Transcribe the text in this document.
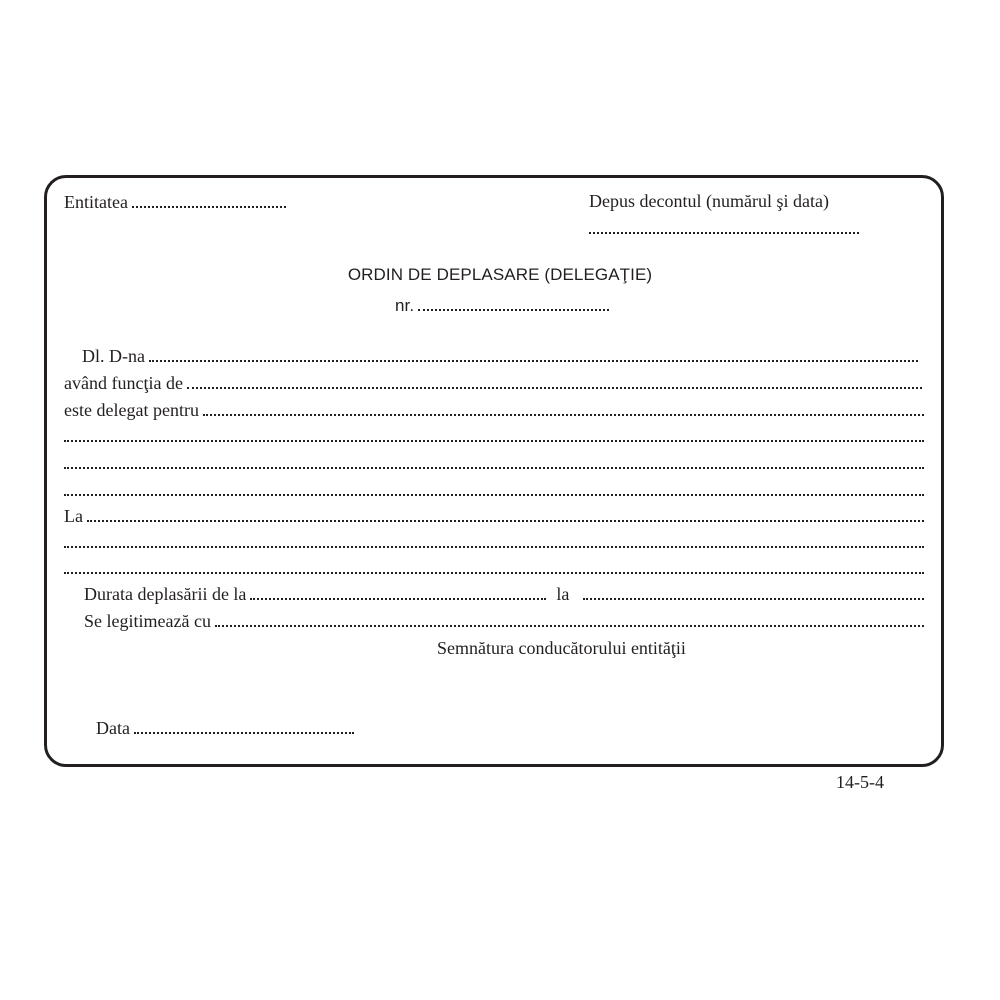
Entitatea	Depus decontul (numărul şi data)
ORDIN DE DEPLASARE (DELEGAŢIE)
nr.
Dl. D-na
având funcţia de
este delegat pentru
La
Durata deplasării de la	la
Se legitimează cu
Semnătura conducătorului entităţii
Data
14-5-4
